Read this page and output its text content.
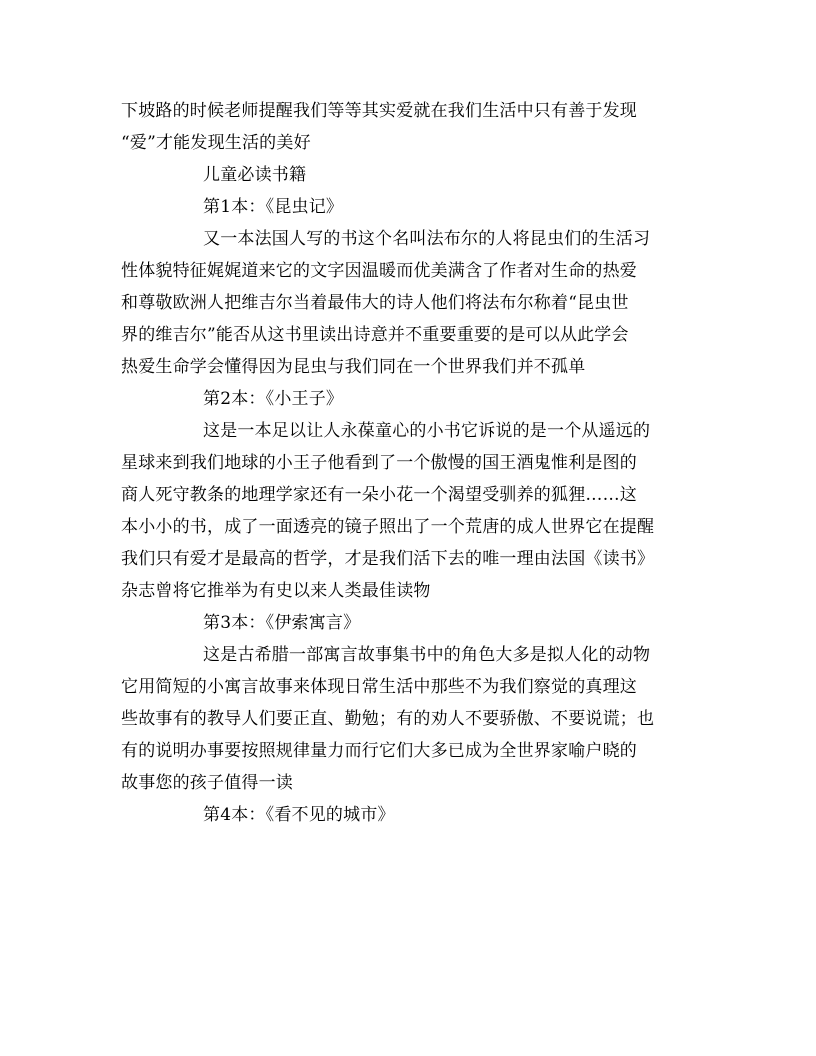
下坡路的时候老师提醒我们等等其实爱就在我们生活中只有善于发现
“爱”才能发现生活的美好
儿童必读书籍
第1本：《昆虫记》
又一本法国人写的书这个名叫法布尔的人将昆虫们的生活习
性体貌特征娓娓道来它的文字因温暖而优美满含了作者对生命的热爱
和尊敬欧洲人把维吉尔当着最伟大的诗人他们将法布尔称着“昆虫世
界的维吉尔”能否从这书里读出诗意并不重要重要的是可以从此学会
热爱生命学会懂得因为昆虫与我们同在一个世界我们并不孤单
第2本：《小王子》
这是一本足以让人永葆童心的小书它诉说的是一个从遥远的
星球来到我们地球的小王子他看到了一个傲慢的国王酒鬼惟利是图的
商人死守教条的地理学家还有一朵小花一个渴望受驯养的狐狸……这
本小小的书，成了一面透亮的镜子照出了一个荒唐的成人世界它在提醒
我们只有爱才是最高的哲学，才是我们活下去的唯一理由法国《读书》
杂志曾将它推举为有史以来人类最佳读物
第3本：《伊索寓言》
这是古希腊一部寓言故事集书中的角色大多是拟人化的动物
它用简短的小寓言故事来体现日常生活中那些不为我们察觉的真理这
些故事有的教导人们要正直、勤勉；有的劝人不要骄傲、不要说谎；也
有的说明办事要按照规律量力而行它们大多已成为全世界家喻户晓的
故事您的孩子值得一读
第4本：《看不见的城市》
